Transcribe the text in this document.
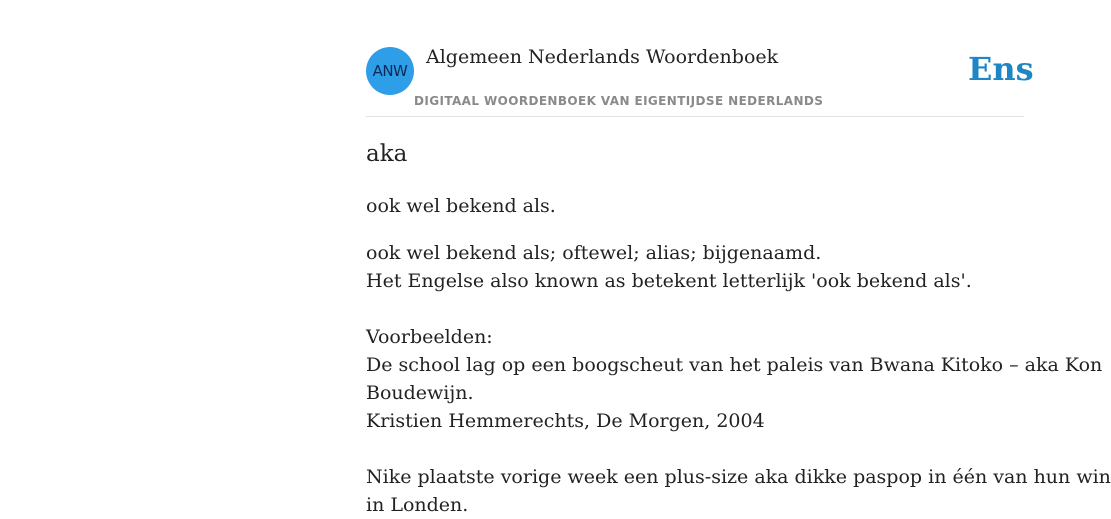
ANW
Algemeen Nederlands Woordenboek
DIGITAAL WOORDENBOEK VAN EIGENTIJDSE NEDERLANDS
Ens
aka
ook wel bekend als.
ook wel bekend als; oftewel; alias; bijgenaamd.
Het Engelse also known as betekent letterlijk 'ook bekend als'.
Voorbeelden:
De school lag op een boogscheut van het paleis van Bwana Kitoko – aka Kon
Boudewijn.
Kristien Hemmerechts, De Morgen, 2004
Nike plaatste vorige week een plus-size aka dikke paspop in één van hun win
in Londen.
